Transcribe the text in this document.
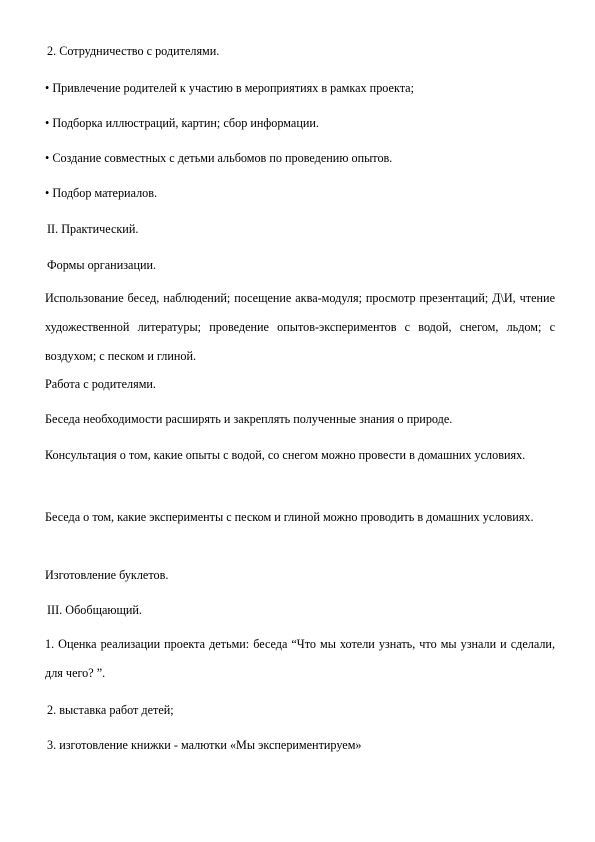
2. Сотрудничество с родителями.
• Привлечение родителей к участию в мероприятиях в рамках проекта;
• Подборка иллюстраций, картин; сбор информации.
• Создание совместных с детьми альбомов по проведению опытов.
• Подбор материалов.
II. Практический.
Формы организации.
Использование бесед, наблюдений; посещение аква-модуля; просмотр презентаций; Д\И, чтение художественной литературы; проведение опытов-экспериментов с водой, снегом, льдом; с воздухом; с песком и глиной.
Работа с родителями.
Беседа необходимости расширять и закреплять полученные знания о природе.
Консультация о том, какие опыты с водой, со снегом можно провести в домашних условиях.
Беседа о том, какие эксперименты с песком и глиной можно проводить в домашних условиях.
Изготовление буклетов.
III. Обобщающий.
1. Оценка реализации проекта детьми: беседа “Что мы хотели узнать, что мы узнали и сделали, для чего? ”.
2. выставка работ детей;
3. изготовление книжки - малютки «Мы экспериментируем»
